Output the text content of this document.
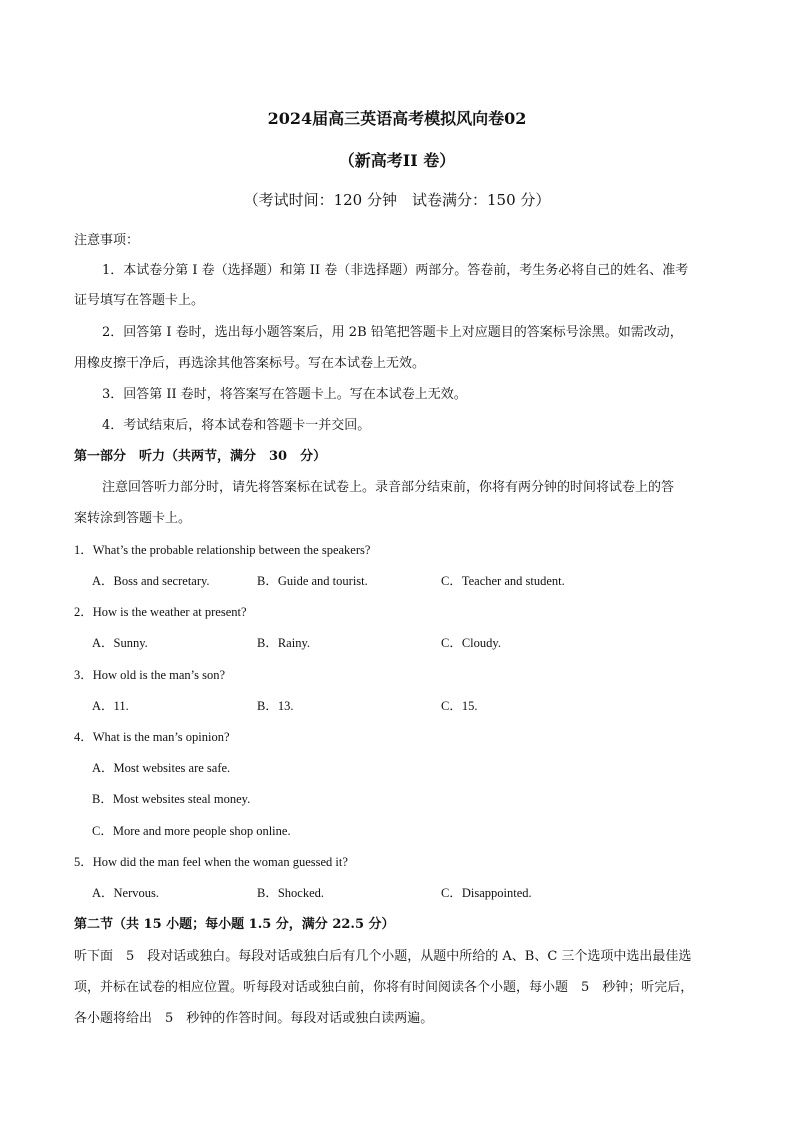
2024届高三英语高考模拟风向卷02
（新高考II 卷）
（考试时间：120 分钟　试卷满分：150 分）
注意事项：
1．本试卷分第 I 卷（选择题）和第 II 卷（非选择题）两部分。答卷前，考生务必将自己的姓名、准考
证号填写在答题卡上。
2．回答第 I 卷时，选出每小题答案后，用 2B 铅笔把答题卡上对应题目的答案标号涂黑。如需改动，
用橡皮擦干净后，再选涂其他答案标号。写在本试卷上无效。
3．回答第 II 卷时，将答案写在答题卡上。写在本试卷上无效。
4．考试结束后，将本试卷和答题卡一并交回。
第一部分　听力（共两节，满分　30　分）
注意回答听力部分时，请先将答案标在试卷上。录音部分结束前，你将有两分钟的时间将试卷上的答
案转涂到答题卡上。
1．What’s the probable relationship between the speakers?
A．Boss and secretary.	B．Guide and tourist.	C．Teacher and student.
2．How is the weather at present?
A．Sunny.	B．Rainy.	C．Cloudy.
3．How old is the man’s son?
A．11.	B．13.	C．15.
4．What is the man’s opinion?
A．Most websites are safe.
B．Most websites steal money.
C．More and more people shop online.
5．How did the man feel when the woman guessed it?
A．Nervous.	B．Shocked.	C．Disappointed.
第二节（共 15 小题；每小题 1.5 分，满分 22.5 分）
听下面　5　段对话或独白。每段对话或独白后有几个小题，从题中所给的 A、B、C 三个选项中选出最佳选
项，并标在试卷的相应位置。听每段对话或独白前，你将有时间阅读各个小题，每小题　5　秒钟；听完后，
各小题将给出　5　秒钟的作答时间。每段对话或独白读两遍。
